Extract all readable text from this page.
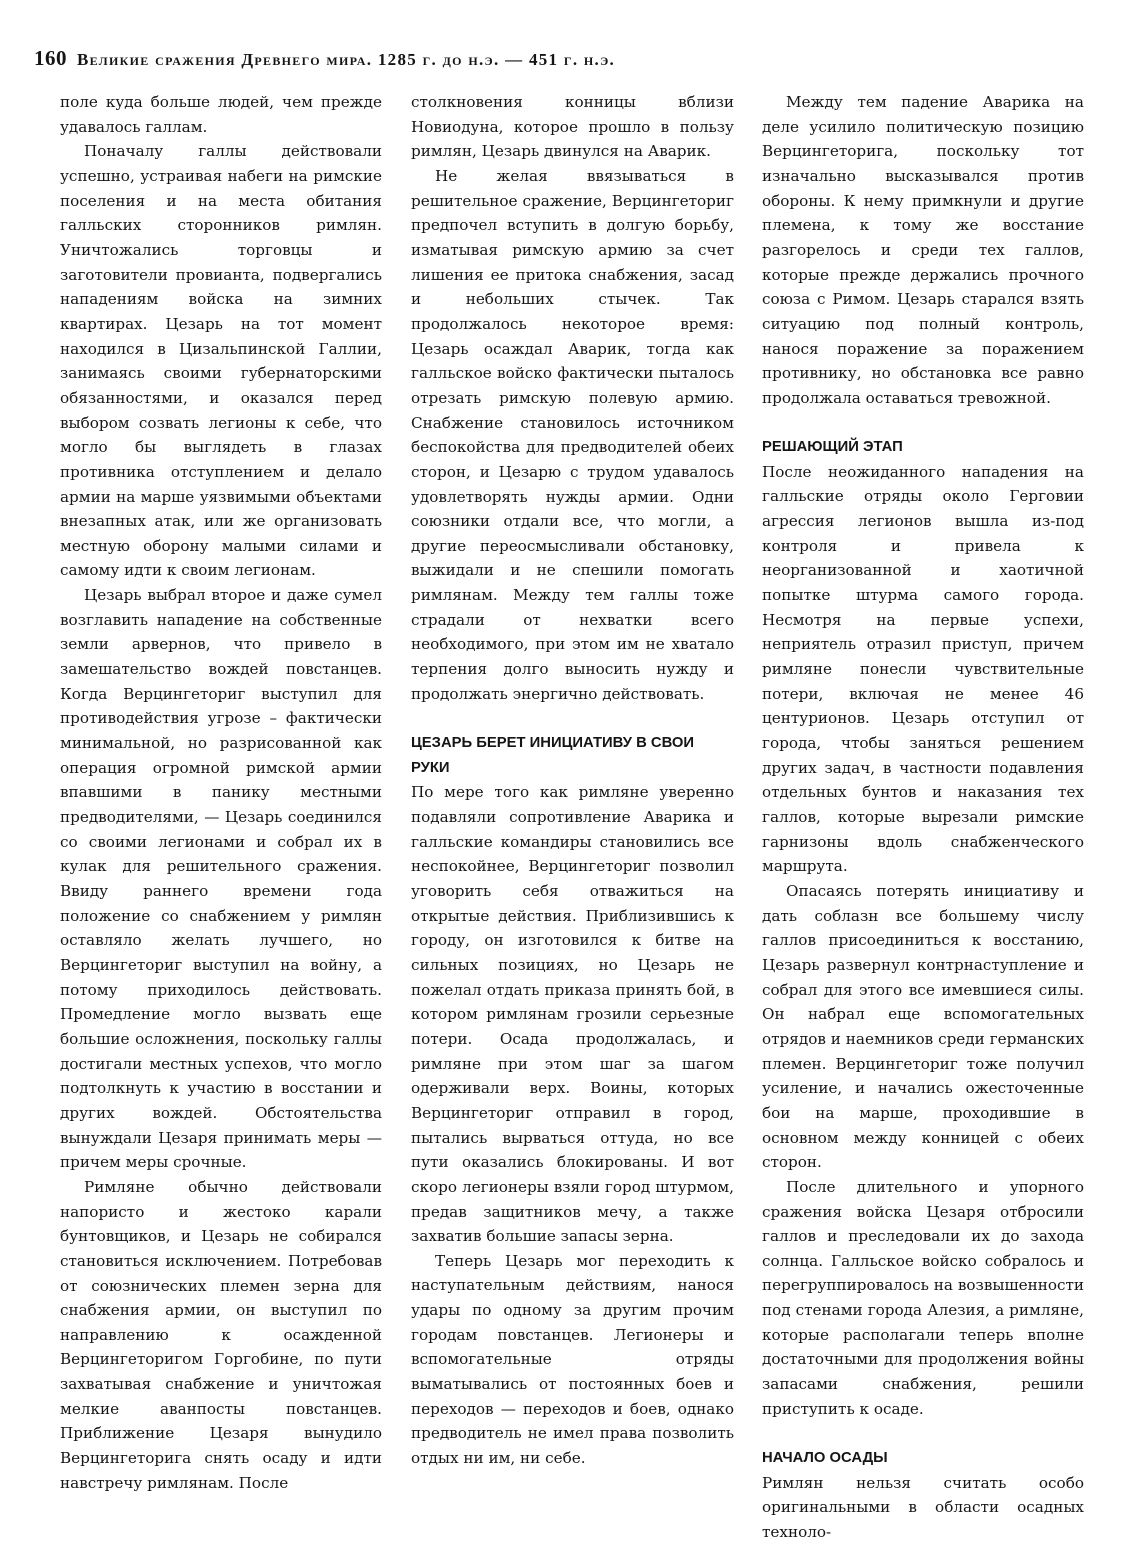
160 Великие сражения Древнего мира. 1285 г. до н.э. — 451 г. н.э.

поле куда больше людей, чем прежде удавалось галлам.

Поначалу галлы действовали успешно, устраивая набеги на римские поселения и на места обитания галльских сторонников римлян. Уничтожались торговцы и заготовители провианта, подвергались нападениям войска на зимних квартирах. Цезарь на тот момент находился в Цизальпинской Галлии, занимаясь своими губернаторскими обязанностями, и оказался перед выбором созвать легионы к себе, что могло бы выглядеть в глазах противника отступлением и делало армии на марше уязвимыми объектами внезапных атак, или же организовать местную оборону малыми силами и самому идти к своим легионам.

Цезарь выбрал второе и даже сумел возглавить нападение на собственные земли арвернов, что привело в замешательство вождей повстанцев. Когда Верцингеториг выступил для противодействия угрозе – фактически минимальной, но разрисованной как операция огромной римской армии впавшими в панику местными предводителями, — Цезарь соединился со своими легионами и собрал их в кулак для решительного сражения. Ввиду раннего времени года положение со снабжением у римлян оставляло желать лучшего, но Верцингеториг выступил на войну, а потому приходилось действовать. Промедление могло вызвать еще большие осложнения, поскольку галлы достигали местных успехов, что могло подтолкнуть к участию в восстании и других вождей. Обстоятельства вынуждали Цезаря принимать меры — причем меры срочные.

Римляне обычно действовали напористо и жестоко карали бунтовщиков, и Цезарь не собирался становиться исключением. Потребовав от союзнических племен зерна для снабжения армии, он выступил по направлению к осажденной Верцингеторигом Горгобине, по пути захватывая снабжение и уничтожая мелкие аванпосты повстанцев. Приближение Цезаря вынудило Верцингеторига снять осаду и идти навстречу римлянам. После

столкновения конницы вблизи Новиодуна, которое прошло в пользу римлян, Цезарь двинулся на Аварик.

Не желая ввязываться в решительное сражение, Верцингеториг предпочел вступить в долгую борьбу, изматывая римскую армию за счет лишения ее притока снабжения, засад и небольших стычек. Так продолжалось некоторое время: Цезарь осаждал Аварик, тогда как галльское войско фактически пыталось отрезать римскую полевую армию. Снабжение становилось источником беспокойства для предводителей обеих сторон, и Цезарю с трудом удавалось удовлетворять нужды армии. Одни союзники отдали все, что могли, а другие переосмысливали обстановку, выжидали и не спешили помогать римлянам. Между тем галлы тоже страдали от нехватки всего необходимого, при этом им не хватало терпения долго выносить нужду и продолжать энергично действовать.

ЦЕЗАРЬ БЕРЕТ ИНИЦИАТИВУ В СВОИ РУКИ

По мере того как римляне уверенно подавляли сопротивление Аварика и галльские командиры становились все неспокойнее, Верцингеториг позволил уговорить себя отважиться на открытые действия. Приблизившись к городу, он изготовился к битве на сильных позициях, но Цезарь не пожелал отдать приказа принять бой, в котором римлянам грозили серьезные потери. Осада продолжалась, и римляне при этом шаг за шагом одерживали верх. Воины, которых Верцингеториг отправил в город, пытались вырваться оттуда, но все пути оказались блокированы. И вот скоро легионеры взяли город штурмом, предав защитников мечу, а также захватив большие запасы зерна.

Теперь Цезарь мог переходить к наступательным действиям, нанося удары по одному за другим прочим городам повстанцев. Легионеры и вспомогательные отряды выматывались от постоянных боев и переходов — переходов и боев, однако предводитель не имел права позволить отдых ни им, ни себе.

Между тем падение Аварика на деле усилило политическую позицию Верцингеторига, поскольку тот изначально высказывался против обороны. К нему примкнули и другие племена, к тому же восстание разгорелось и среди тех галлов, которые прежде держались прочного союза с Римом. Цезарь старался взять ситуацию под полный контроль, нанося поражение за поражением противнику, но обстановка все равно продолжала оставаться тревожной.

РЕШАЮЩИЙ ЭТАП

После неожиданного нападения на галльские отряды около Герговии агрессия легионов вышла из-под контроля и привела к неорганизованной и хаотичной попытке штурма самого города. Несмотря на первые успехи, неприятель отразил приступ, причем римляне понесли чувствительные потери, включая не менее 46 центурионов. Цезарь отступил от города, чтобы заняться решением других задач, в частности подавления отдельных бунтов и наказания тех галлов, которые вырезали римские гарнизоны вдоль снабженческого маршрута.

Опасаясь потерять инициативу и дать соблазн все большему числу галлов присоединиться к восстанию, Цезарь развернул контрнаступление и собрал для этого все имевшиеся силы. Он набрал еще вспомогательных отрядов и наемников среди германских племен. Верцингеториг тоже получил усиление, и начались ожесточенные бои на марше, проходившие в основном между конницей с обеих сторон.

После длительного и упорного сражения войска Цезаря отбросили галлов и преследовали их до захода солнца. Галльское войско собралось и перегруппировалось на возвышенности под стенами города Алезия, а римляне, которые располагали теперь вполне достаточными для продолжения войны запасами снабжения, решили приступить к осаде.

НАЧАЛО ОСАДЫ

Римлян нельзя считать особо оригинальными в области осадных техноло-
